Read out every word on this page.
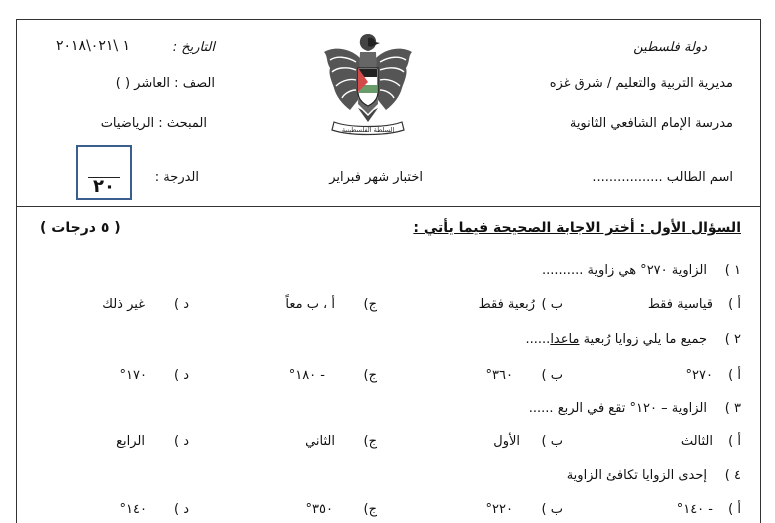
دولة فلسطين
مديرية التربية والتعليم / شرق غزه
مدرسة الإمام الشافعي الثانوية
اسم الطالب .................
التاريخ :
١ \٠٢١\٢٠١٨
الصف : العاشر ( )
المبحث : الرياضيات
الدرجة :
٢٠	اختبار شهر فبراير
السلطة الفلسطينية
السؤال الأول : أختر الاجابة الصحيحة فيما يأتي :
( ٥ درجات )
١ )
الزاوية ٢٧٠° هي زاوية ..........
أ )
قياسية فقط
ب )
رُبعية فقط
ج)
أ ، ب معاً
د )
غير ذلك
٢ )
جميع ما يلي زوايا رُبعية ماعدا......
أ )
٢٧٠°
ب )
٣٦٠°
ج)
- ١٨٠°
د )
١٧٠°
٣ )
الزاوية – ١٢٠° تقع في الربع ......
أ )
الثالث
ب )
الأول
ج)
الثاني
د )
الرابع
٤ )
إحدى الزوايا تكافئ الزاوية
أ )
- ١٤٠°
ب )
٢٢٠°
ج)
٣٥٠°
د )
١٤٠°
